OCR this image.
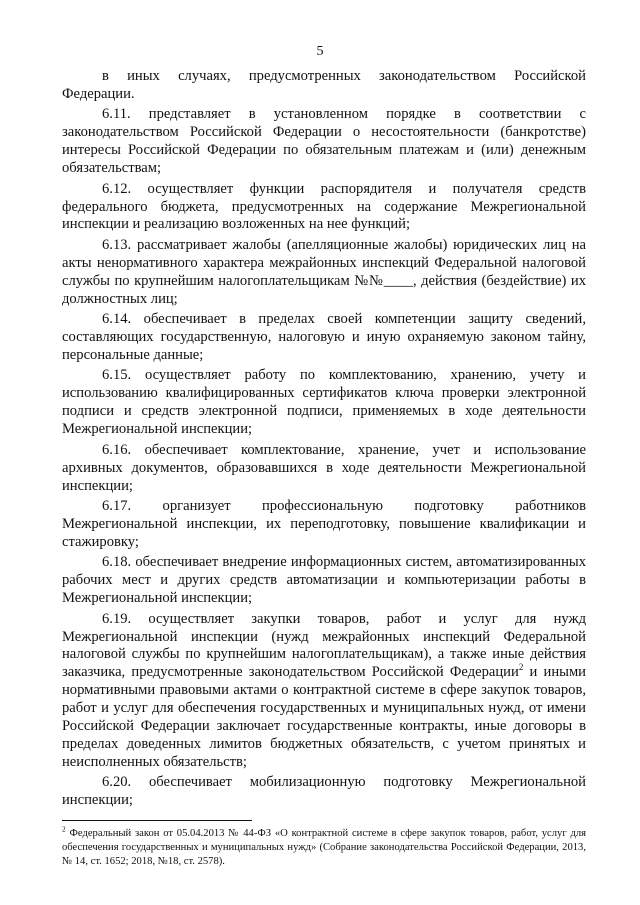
5

в иных случаях, предусмотренных законодательством Российской Федерации.

6.11. представляет в установленном порядке в соответствии с законодательством Российской Федерации о несостоятельности (банкротстве) интересы Российской Федерации по обязательным платежам и (или) денежным обязательствам;

6.12. осуществляет функции распорядителя и получателя средств федерального бюджета, предусмотренных на содержание Межрегиональной инспекции и реализацию возложенных на нее функций;

6.13. рассматривает жалобы (апелляционные жалобы) юридических лиц на акты ненормативного характера межрайонных инспекций Федеральной налоговой службы по крупнейшим налогоплательщикам №№____, действия (бездействие) их должностных лиц;

6.14. обеспечивает в пределах своей компетенции защиту сведений, составляющих государственную, налоговую и иную охраняемую законом тайну, персональные данные;

6.15. осуществляет работу по комплектованию, хранению, учету и использованию квалифицированных сертификатов ключа проверки электронной подписи и средств электронной подписи, применяемых в ходе деятельности Межрегиональной инспекции;

6.16. обеспечивает комплектование, хранение, учет и использование архивных документов, образовавшихся в ходе деятельности Межрегиональной инспекции;

6.17. организует профессиональную подготовку работников Межрегиональной инспекции, их переподготовку, повышение квалификации и стажировку;

6.18. обеспечивает внедрение информационных систем, автоматизированных рабочих мест и других средств автоматизации и компьютеризации работы в Межрегиональной инспекции;

6.19. осуществляет закупки товаров, работ и услуг для нужд Межрегиональной инспекции (нужд межрайонных инспекций Федеральной налоговой службы по крупнейшим налогоплательщикам), а также иные действия заказчика, предусмотренные законодательством Российской Федерации$^2$ и иными нормативными правовыми актами о контрактной системе в сфере закупок товаров, работ и услуг для обеспечения государственных и муниципальных нужд, от имени Российской Федерации заключает государственные контракты, иные договоры в пределах доведенных лимитов бюджетных обязательств, с учетом принятых и неисполненных обязательств;

6.20. обеспечивает мобилизационную подготовку Межрегиональной инспекции;

$^2$ Федеральный закон от 05.04.2013 № 44-ФЗ «О контрактной системе в сфере закупок товаров, работ, услуг для обеспечения государственных и муниципальных нужд» (Собрание законодательства Российской Федерации, 2013, № 14, ст. 1652; 2018, №18, ст. 2578).
